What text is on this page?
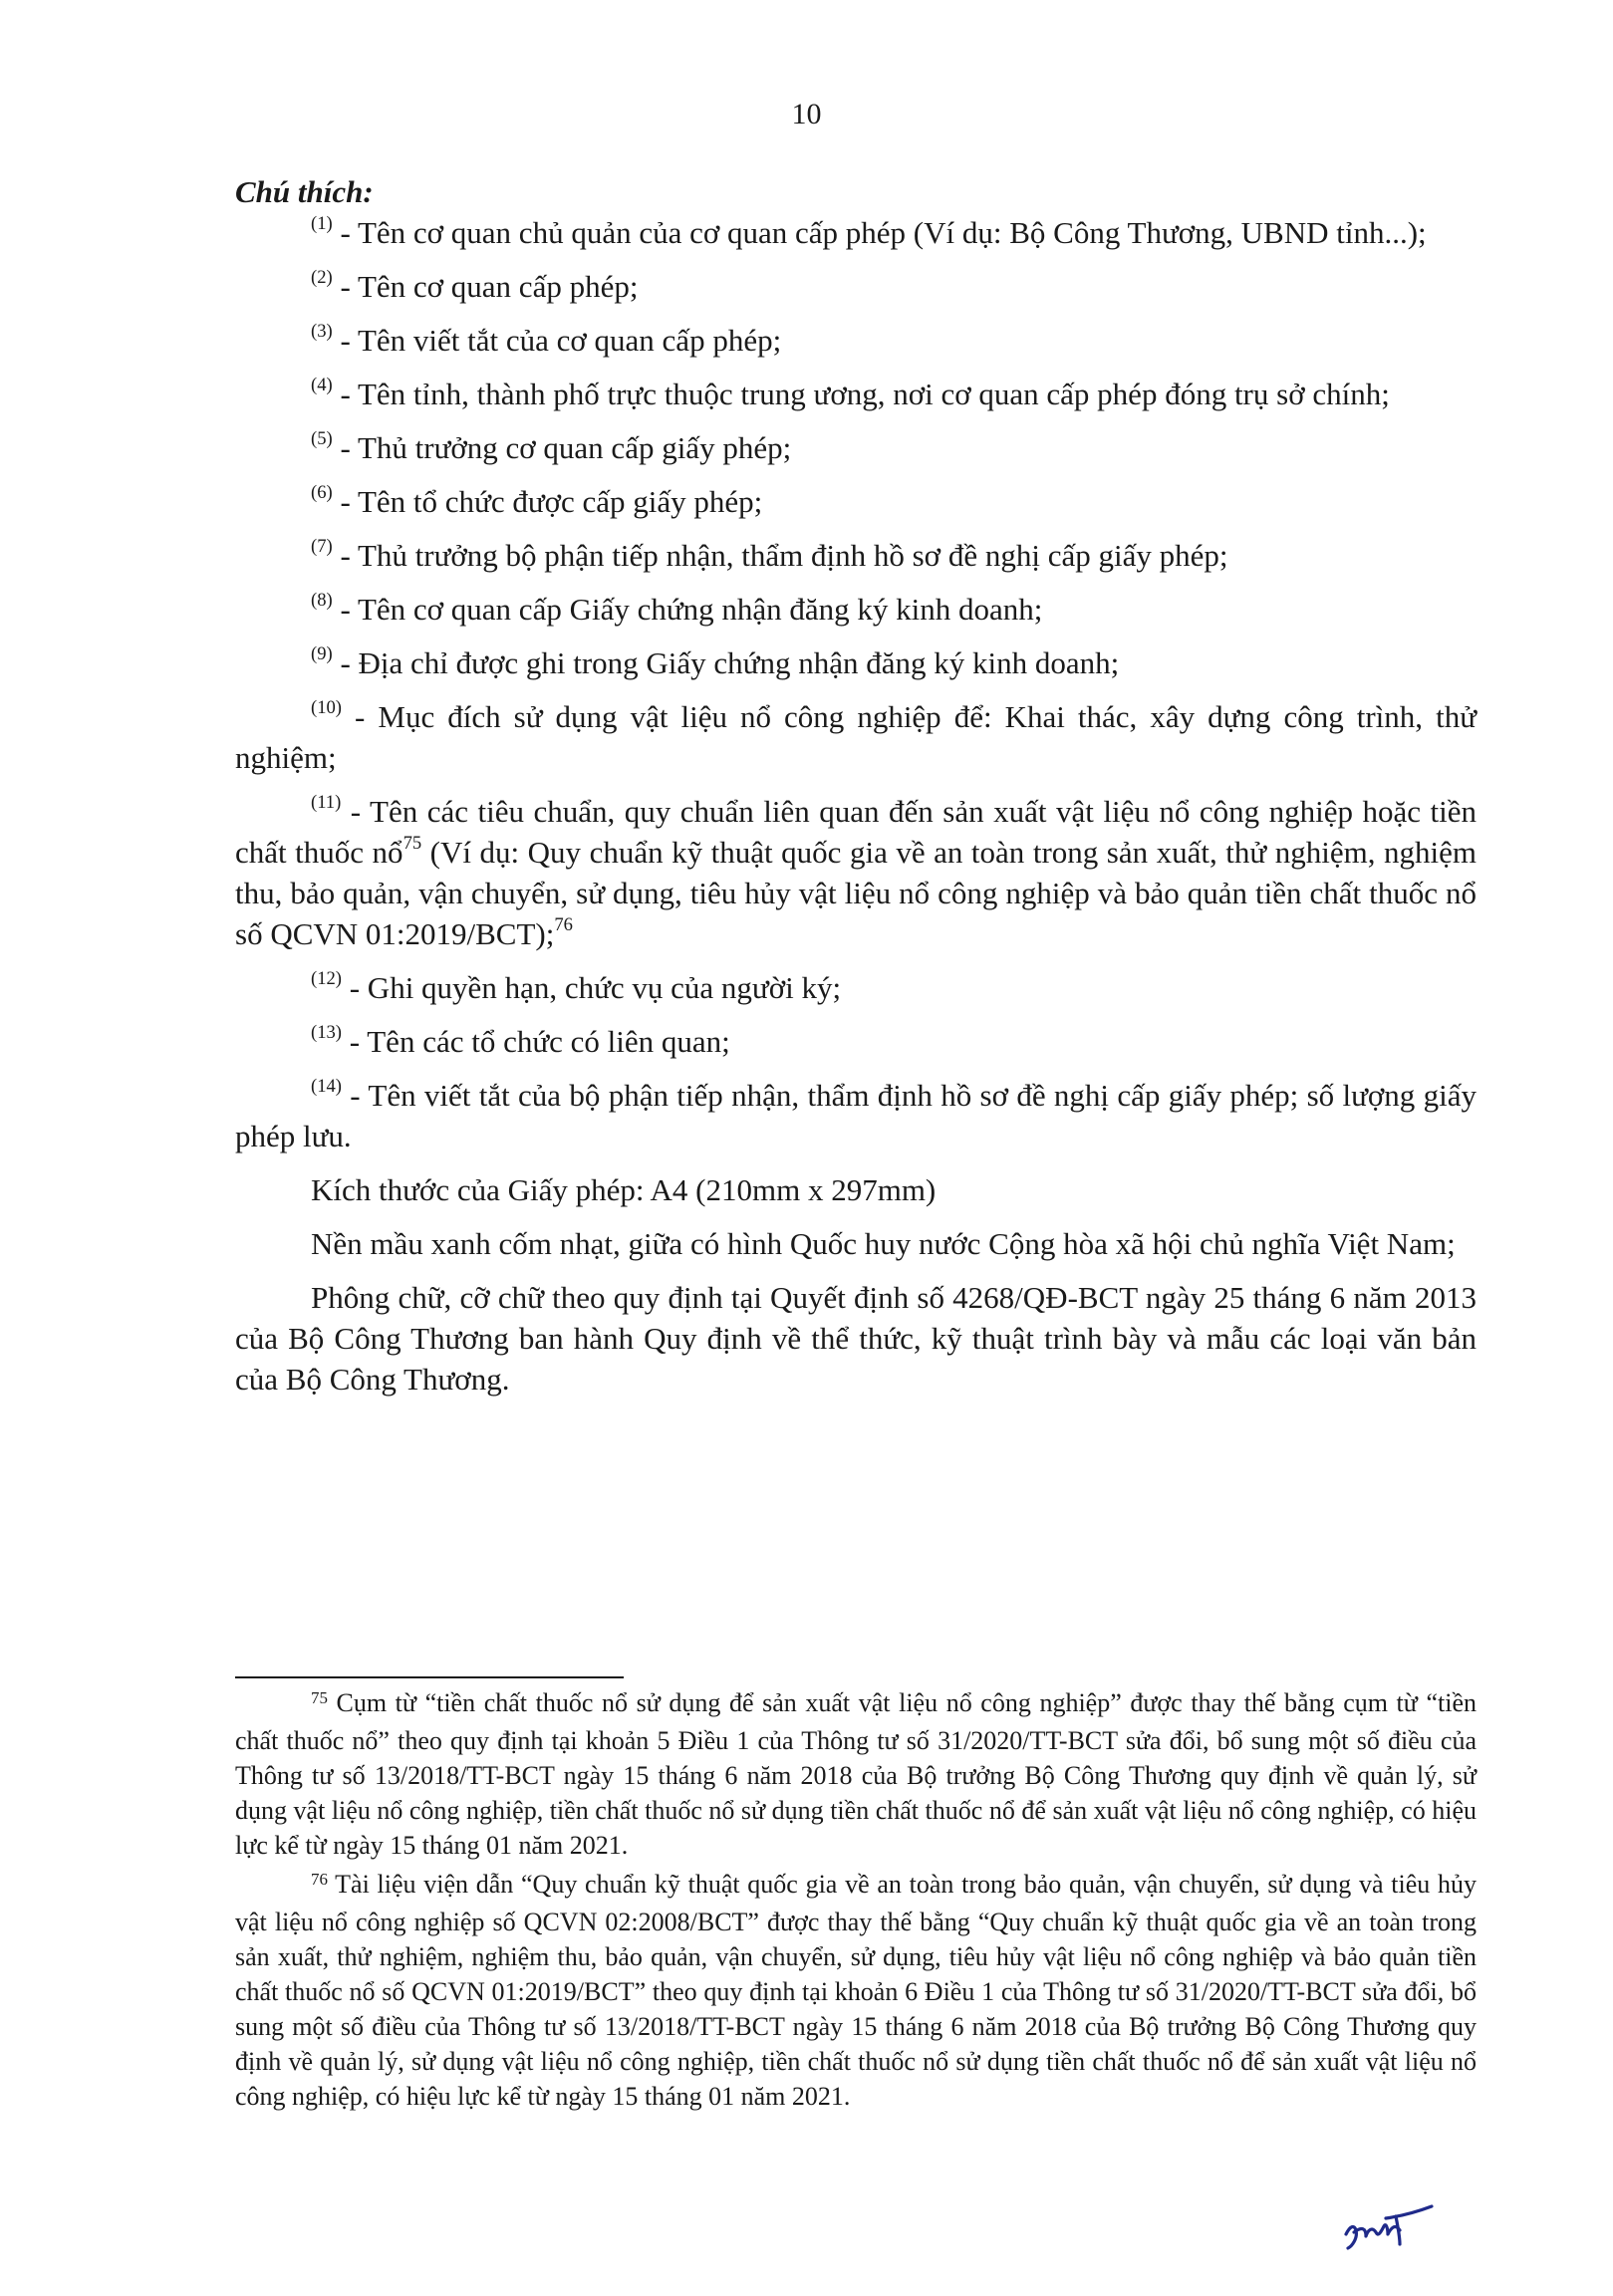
10

Chú thích:

$^{(1)}$ - Tên cơ quan chủ quản của cơ quan cấp phép (Ví dụ: Bộ Công Thương, UBND tỉnh...);

$^{(2)}$ - Tên cơ quan cấp phép;

$^{(3)}$ - Tên viết tắt của cơ quan cấp phép;

$^{(4)}$ - Tên tỉnh, thành phố trực thuộc trung ương, nơi cơ quan cấp phép đóng trụ sở chính;

$^{(5)}$ - Thủ trưởng cơ quan cấp giấy phép;

$^{(6)}$ - Tên tổ chức được cấp giấy phép;

$^{(7)}$ - Thủ trưởng bộ phận tiếp nhận, thẩm định hồ sơ đề nghị cấp giấy phép;

$^{(8)}$ - Tên cơ quan cấp Giấy chứng nhận đăng ký kinh doanh;

$^{(9)}$ - Địa chỉ được ghi trong Giấy chứng nhận đăng ký kinh doanh;

$^{(10)}$ - Mục đích sử dụng vật liệu nổ công nghiệp để: Khai thác, xây dựng công trình, thử nghiệm;

$^{(11)}$ - Tên các tiêu chuẩn, quy chuẩn liên quan đến sản xuất vật liệu nổ công nghiệp hoặc tiền chất thuốc nổ$^{75}$ (Ví dụ: Quy chuẩn kỹ thuật quốc gia về an toàn trong sản xuất, thử nghiệm, nghiệm thu, bảo quản, vận chuyển, sử dụng, tiêu hủy vật liệu nổ công nghiệp và bảo quản tiền chất thuốc nổ số QCVN 01:2019/BCT);$^{76}$

$^{(12)}$ - Ghi quyền hạn, chức vụ của người ký;

$^{(13)}$ - Tên các tổ chức có liên quan;

$^{(14)}$ - Tên viết tắt của bộ phận tiếp nhận, thẩm định hồ sơ đề nghị cấp giấy phép; số lượng giấy phép lưu.

Kích thước của Giấy phép: A4 (210mm x 297mm)

Nền mầu xanh cốm nhạt, giữa có hình Quốc huy nước Cộng hòa xã hội chủ nghĩa Việt Nam;

Phông chữ, cỡ chữ theo quy định tại Quyết định số 4268/QĐ-BCT ngày 25 tháng 6 năm 2013 của Bộ Công Thương ban hành Quy định về thể thức, kỹ thuật trình bày và mẫu các loại văn bản của Bộ Công Thương.

$^{75}$ Cụm từ “tiền chất thuốc nổ sử dụng để sản xuất vật liệu nổ công nghiệp” được thay thế bằng cụm từ “tiền chất thuốc nổ” theo quy định tại khoản 5 Điều 1 của Thông tư số 31/2020/TT-BCT sửa đổi, bổ sung một số điều của Thông tư số 13/2018/TT-BCT ngày 15 tháng 6 năm 2018 của Bộ trưởng Bộ Công Thương quy định về quản lý, sử dụng vật liệu nổ công nghiệp, tiền chất thuốc nổ sử dụng tiền chất thuốc nổ để sản xuất vật liệu nổ công nghiệp, có hiệu lực kể từ ngày 15 tháng 01 năm 2021.

$^{76}$ Tài liệu viện dẫn “Quy chuẩn kỹ thuật quốc gia về an toàn trong bảo quản, vận chuyển, sử dụng và tiêu hủy vật liệu nổ công nghiệp số QCVN 02:2008/BCT” được thay thế bằng “Quy chuẩn kỹ thuật quốc gia về an toàn trong sản xuất, thử nghiệm, nghiệm thu, bảo quản, vận chuyển, sử dụng, tiêu hủy vật liệu nổ công nghiệp và bảo quản tiền chất thuốc nổ số QCVN 01:2019/BCT” theo quy định tại khoản 6 Điều 1 của Thông tư số 31/2020/TT-BCT sửa đổi, bổ sung một số điều của Thông tư số 13/2018/TT-BCT ngày 15 tháng 6 năm 2018 của Bộ trưởng Bộ Công Thương quy định về quản lý, sử dụng vật liệu nổ công nghiệp, tiền chất thuốc nổ sử dụng tiền chất thuốc nổ để sản xuất vật liệu nổ công nghiệp, có hiệu lực kể từ ngày 15 tháng 01 năm 2021.
